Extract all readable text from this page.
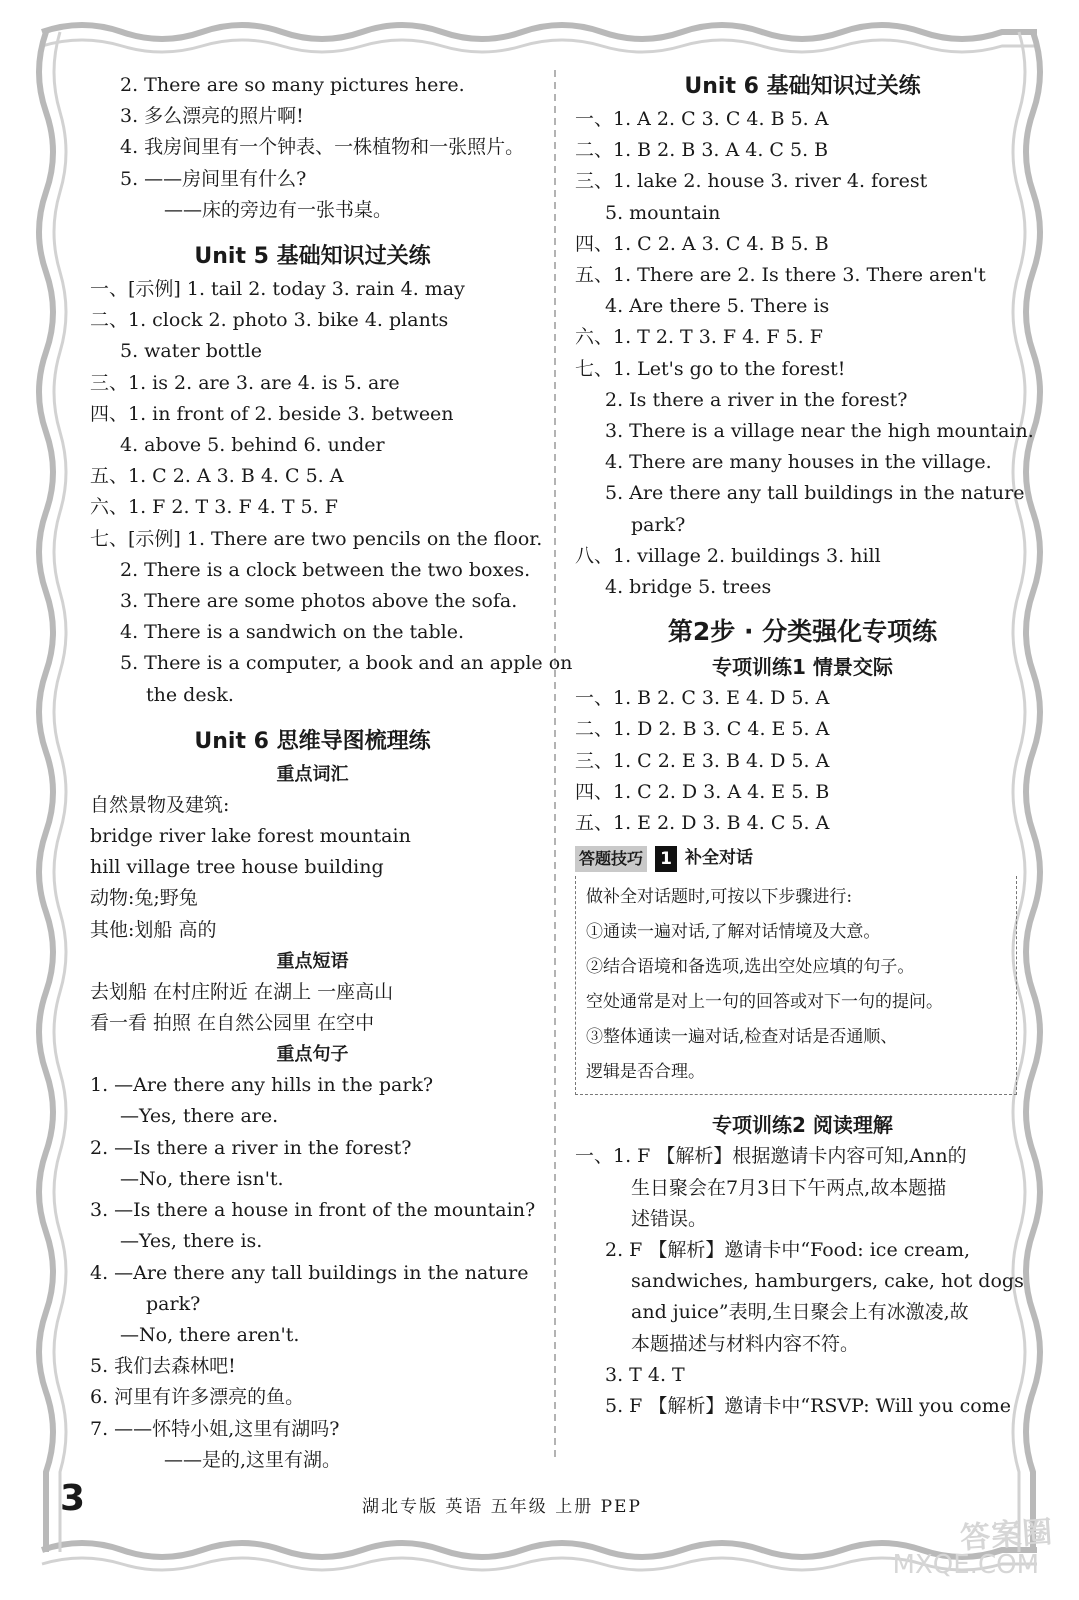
2. There are so many pictures here.
3. 多么漂亮的照片啊!
4. 我房间里有一个钟表、一株植物和一张照片。
5. ——房间里有什么?
——床的旁边有一张书桌。
Unit 5 基础知识过关练
一、[示例] 1. tail 2. today 3. rain 4. may
二、1. clock 2. photo 3. bike 4. plants
5. water bottle
三、1. is 2. are 3. are 4. is 5. are
四、1. in front of 2. beside 3. between
4. above 5. behind 6. under
五、1. C 2. A 3. B 4. C 5. A
六、1. F 2. T 3. F 4. T 5. F
七、[示例] 1. There are two pencils on the floor.
2. There is a clock between the two boxes.
3. There are some photos above the sofa.
4. There is a sandwich on the table.
5. There is a computer, a book and an apple on
the desk.
Unit 6 思维导图梳理练
重点词汇
自然景物及建筑:
bridge river lake forest mountain
hill village tree house building
动物:兔;野兔
其他:划船 高的
重点短语
去划船 在村庄附近 在湖上 一座高山
看一看 拍照 在自然公园里 在空中
重点句子
1. —Are there any hills in the park?
—Yes, there are.
2. —Is there a river in the forest?
—No, there isn't.
3. —Is there a house in front of the mountain?
—Yes, there is.
4. —Are there any tall buildings in the nature
park?
—No, there aren't.
5. 我们去森林吧!
6. 河里有许多漂亮的鱼。
7. ——怀特小姐,这里有湖吗?
——是的,这里有湖。
Unit 6 基础知识过关练
一、1. A 2. C 3. C 4. B 5. A
二、1. B 2. B 3. A 4. C 5. B
三、1. lake 2. house 3. river 4. forest
5. mountain
四、1. C 2. A 3. C 4. B 5. B
五、1. There are 2. Is there 3. There aren't
4. Are there 5. There is
六、1. T 2. T 3. F 4. F 5. F
七、1. Let's go to the forest!
2. Is there a river in the forest?
3. There is a village near the high mountain.
4. There are many houses in the village.
5. Are there any tall buildings in the nature
park?
八、1. village 2. buildings 3. hill
4. bridge 5. trees
第2步 · 分类强化专项练
专项训练1 情景交际
一、1. B 2. C 3. E 4. D 5. A
二、1. D 2. B 3. C 4. E 5. A
三、1. C 2. E 3. B 4. D 5. A
四、1. C 2. D 3. A 4. E 5. B
五、1. E 2. D 3. B 4. C 5. A
答题技巧 1 补全对话
做补全对话题时,可按以下步骤进行:
①通读一遍对话,了解对话情境及大意。
②结合语境和备选项,选出空处应填的句子。
空处通常是对上一句的回答或对下一句的提问。
③整体通读一遍对话,检查对话是否通顺、
逻辑是否合理。
专项训练2 阅读理解
一、1. F 【解析】根据邀请卡内容可知,Ann的
生日聚会在7月3日下午两点,故本题描
述错误。
2. F 【解析】邀请卡中“Food: ice cream,
sandwiches, hamburgers, cake, hot dogs
and juice”表明,生日聚会上有冰激凌,故
本题描述与材料内容不符。
3. T 4. T
5. F 【解析】邀请卡中“RSVP: Will you come
3	湖北专版 英语 五年级 上册 PEP
答案圈
MXQE.COM
